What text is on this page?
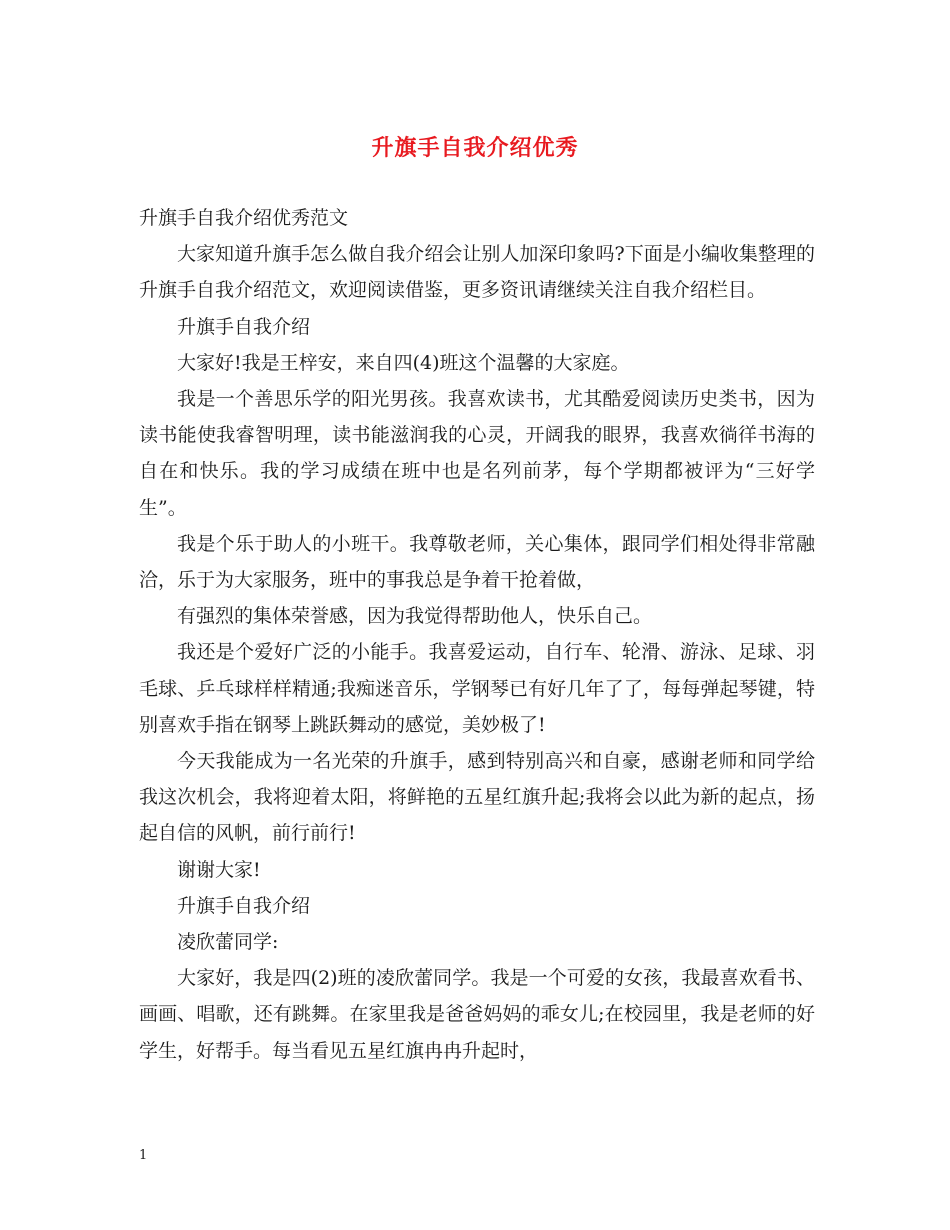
升旗手自我介绍优秀

升旗手自我介绍优秀范文

大家知道升旗手怎么做自我介绍会让别人加深印象吗?下面是小编收集整理的升旗手自我介绍范文，欢迎阅读借鉴，更多资讯请继续关注自我介绍栏目。

升旗手自我介绍

大家好!我是王梓安，来自四(4)班这个温馨的大家庭。

我是一个善思乐学的阳光男孩。我喜欢读书，尤其酷爱阅读历史类书，因为读书能使我睿智明理，读书能滋润我的心灵，开阔我的眼界，我喜欢徜徉书海的自在和快乐。我的学习成绩在班中也是名列前茅，每个学期都被评为“三好学生”。

我是个乐于助人的小班干。我尊敬老师，关心集体，跟同学们相处得非常融洽，乐于为大家服务，班中的事我总是争着干抢着做，

有强烈的集体荣誉感，因为我觉得帮助他人，快乐自己。

我还是个爱好广泛的小能手。我喜爱运动，自行车、轮滑、游泳、足球、羽毛球、乒乓球样样精通;我痴迷音乐，学钢琴已有好几年了了，每每弹起琴键，特别喜欢手指在钢琴上跳跃舞动的感觉，美妙极了!

今天我能成为一名光荣的升旗手，感到特别高兴和自豪，感谢老师和同学给我这次机会，我将迎着太阳，将鲜艳的五星红旗升起;我将会以此为新的起点，扬起自信的风帆，前行前行!

谢谢大家!

升旗手自我介绍

凌欣蕾同学:

大家好，我是四(2)班的凌欣蕾同学。我是一个可爱的女孩，我最喜欢看书、画画、唱歌，还有跳舞。在家里我是爸爸妈妈的乖女儿;在校园里，我是老师的好学生，好帮手。每当看见五星红旗冉冉升起时，

1
